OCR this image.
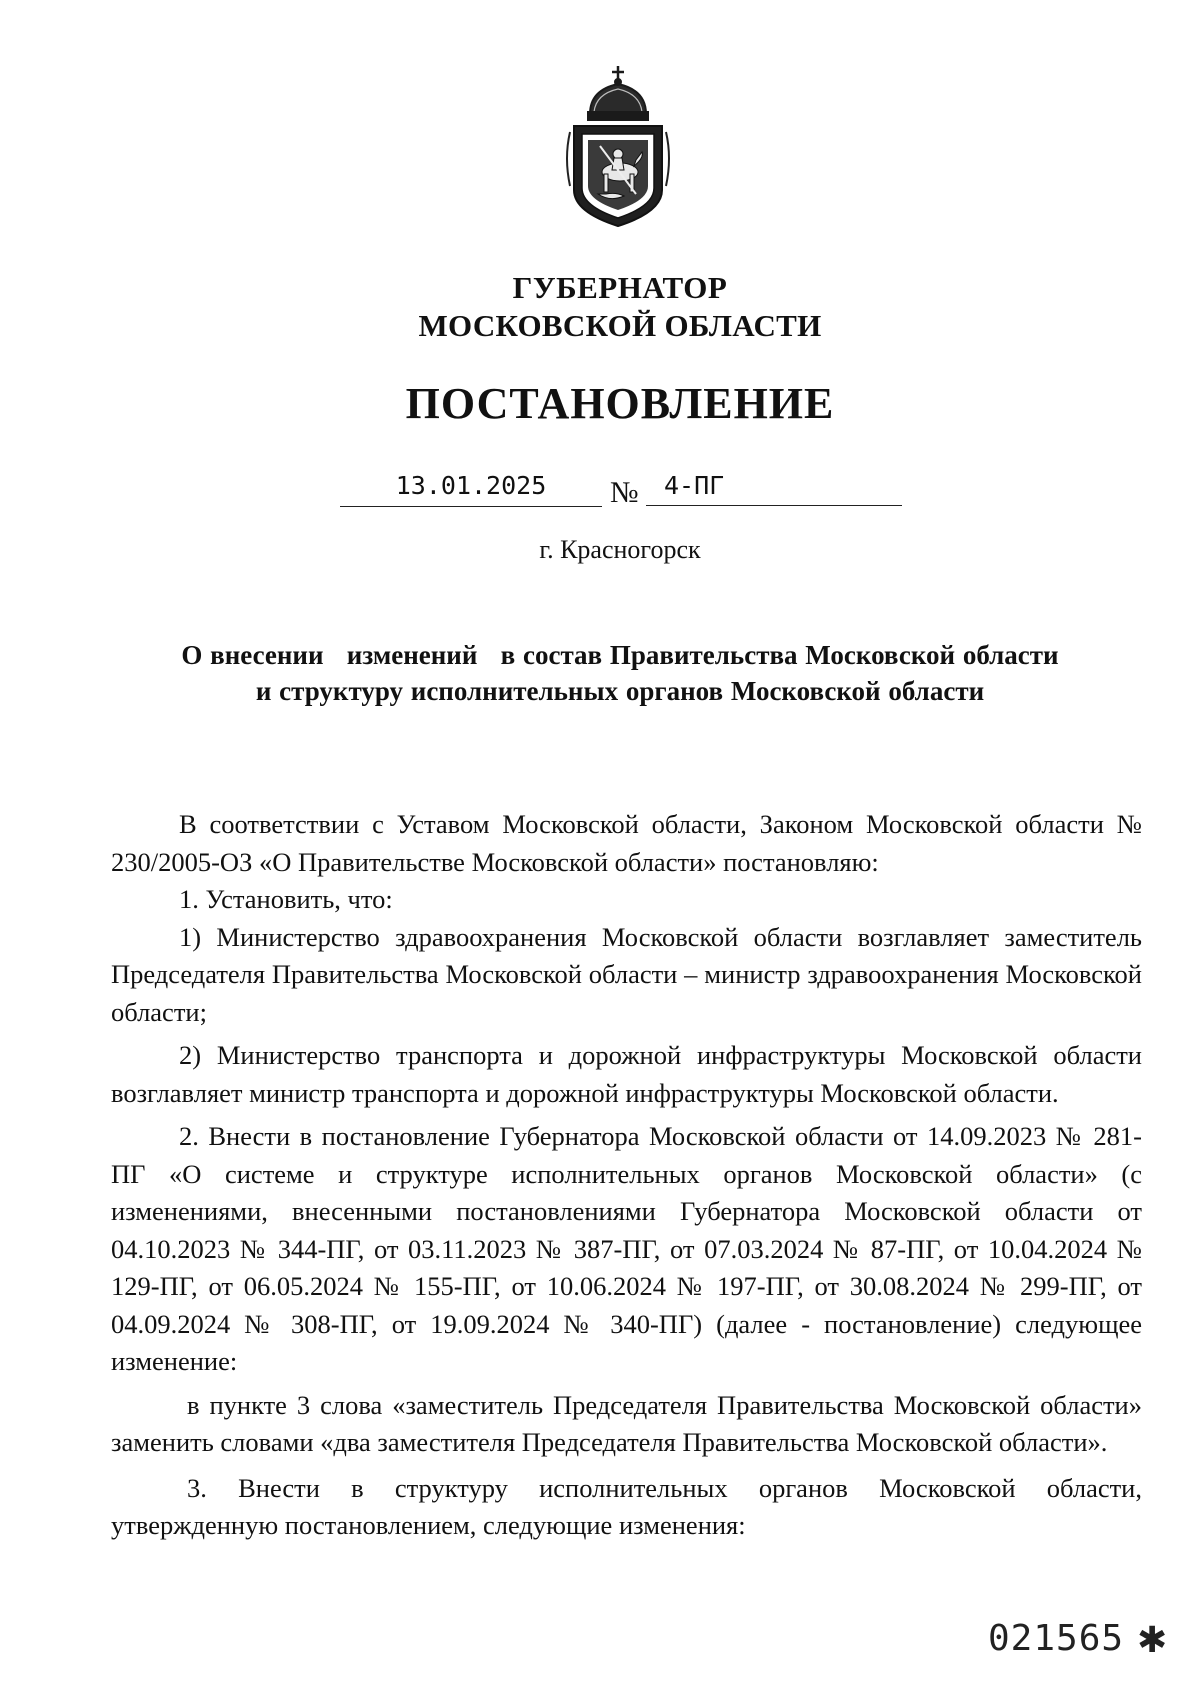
ГУБЕРНАТОР
МОСКОВСКОЙ ОБЛАСТИ
ПОСТАНОВЛЕНИЕ
13.01.2025	№	4-ПГ
г. Красногорск
О внесении   изменений   в состав Правительства Московской области
и структуру исполнительных органов Московской области

В соответствии с Уставом Московской области, Законом Московской области № 230/2005-ОЗ «О Правительстве Московской области» постановляю:

1. Установить, что:

1) Министерство здравоохранения Московской области возглавляет заместитель Председателя Правительства Московской области – министр здравоохранения Московской области;

2) Министерство транспорта и дорожной инфраструктуры Московской области возглавляет министр транспорта и дорожной инфраструктуры Московской области.

2. Внести в постановление Губернатора Московской области от 14.09.2023 № 281-ПГ «О системе и структуре исполнительных органов Московской области» (с изменениями, внесенными постановлениями Губернатора Московской области от 04.10.2023 № 344-ПГ, от 03.11.2023 № 387-ПГ, от 07.03.2024 № 87-ПГ, от 10.04.2024 № 129-ПГ, от 06.05.2024 № 155-ПГ, от 10.06.2024 № 197-ПГ, от 30.08.2024 № 299-ПГ, от 04.09.2024 № 308-ПГ, от 19.09.2024 № 340-ПГ) (далее - постановление) следующее изменение:

в пункте 3 слова «заместитель Председателя Правительства Московской области» заменить словами «два заместителя Председателя Правительства Московской области».

3. Внести в структуру исполнительных органов Московской области, утвержденную постановлением, следующие изменения:

021565 ✱
